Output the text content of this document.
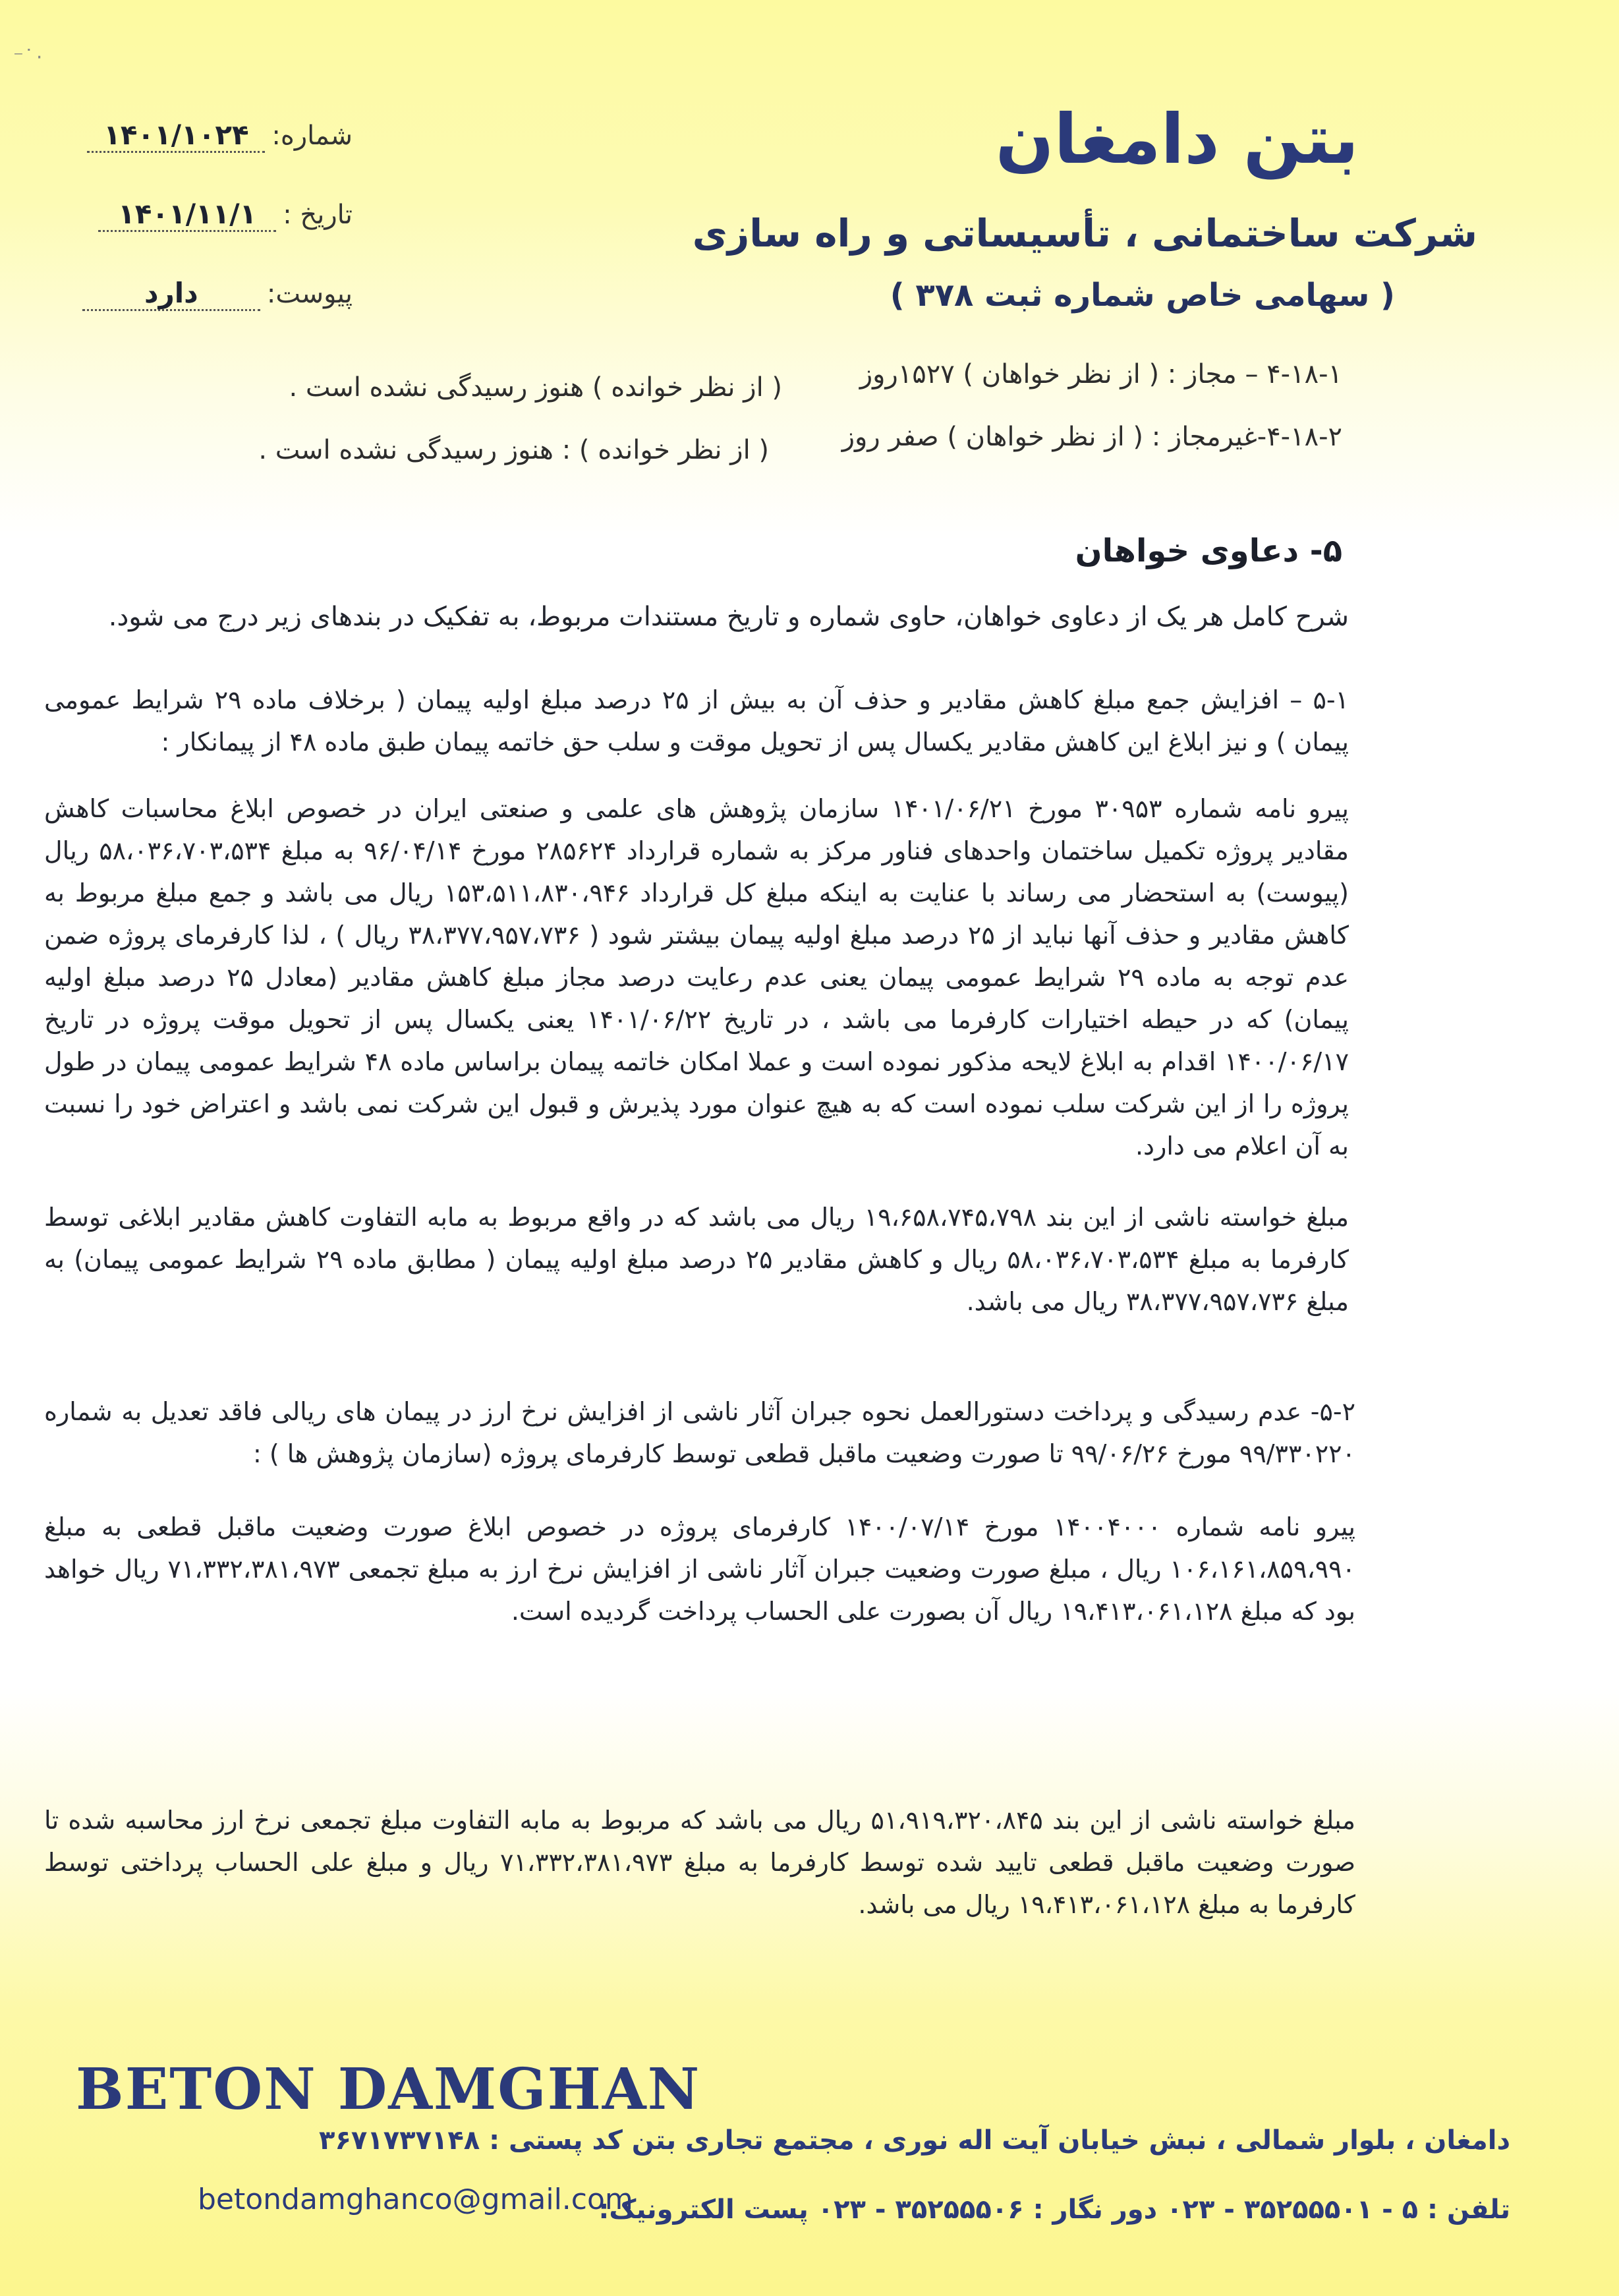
⁻ ͘ ·
بتن دامغان
شرکت ساختمانی ، تأسیساتی و راه سازی
( سهامی خاص شماره ثبت ۳۷۸ )
شماره:
۱۴۰۱/۱۰۲۴
تاریخ :
۱۴۰۱/۱۱/۱
پیوست:
دارد
۴-۱۸-۱ – مجاز : ( از نظر خواهان ) ۱۵۲۷روز
۴-۱۸-۲-غیرمجاز : ( از نظر خواهان ) صفر روز
( از نظر خوانده ) هنوز رسیدگی نشده است .
( از نظر خوانده ) : هنوز رسیدگی نشده است .
۵- دعاوی خواهان
شرح کامل هر یک از دعاوی خواهان، حاوی شماره و تاریخ مستندات مربوط، به تفکیک در بندهای زیر درج می شود.
۵-۱ – افزایش جمع مبلغ کاهش مقادیر و حذف آن به بیش از ۲۵ درصد مبلغ اولیه پیمان ( برخلاف ماده ۲۹ شرایط عمومی پیمان ) و نیز ابلاغ این کاهش مقادیر یکسال پس از تحویل موقت و سلب حق خاتمه پیمان طبق ماده ۴۸ از پیمانکار :
پیرو نامه شماره ۳۰۹۵۳ مورخ ۱۴۰۱/۰۶/۲۱ سازمان پژوهش های علمی و صنعتی ایران در خصوص ابلاغ محاسبات کاهش مقادیر پروژه تکمیل ساختمان واحدهای فناور مرکز به شماره قرارداد ۲۸۵۶۲۴ مورخ ۹۶/۰۴/۱۴ به مبلغ ۵۸،۰۳۶،۷۰۳،۵۳۴ ریال (پیوست) به استحضار می رساند با عنایت به اینکه مبلغ کل قرارداد ۱۵۳،۵۱۱،۸۳۰،۹۴۶ ریال می باشد و جمع مبلغ مربوط به کاهش مقادیر و حذف آنها نباید از ۲۵ درصد مبلغ اولیه پیمان بیشتر شود ( ۳۸،۳۷۷،۹۵۷،۷۳۶ ریال ) ، لذا کارفرمای پروژه ضمن عدم توجه به ماده ۲۹ شرایط عمومی پیمان یعنی عدم رعایت درصد مجاز مبلغ کاهش مقادیر (معادل ۲۵ درصد مبلغ اولیه پیمان) که در حیطه اختیارات کارفرما می باشد ، در تاریخ ۱۴۰۱/۰۶/۲۲ یعنی یکسال پس از تحویل موقت پروژه در تاریخ ۱۴۰۰/۰۶/۱۷ اقدام به ابلاغ لایحه مذکور نموده است و عملا امکان خاتمه پیمان براساس ماده ۴۸ شرایط عمومی پیمان در طول پروژه را از این شرکت سلب نموده است که به هیچ عنوان مورد پذیرش و قبول این شرکت نمی باشد و اعتراض خود را نسبت به آن اعلام می دارد.
مبلغ خواسته ناشی از این بند ۱۹،۶۵۸،۷۴۵،۷۹۸ ریال می باشد که در واقع مربوط به مابه التفاوت کاهش مقادیر ابلاغی توسط کارفرما به مبلغ ۵۸،۰۳۶،۷۰۳،۵۳۴ ریال و کاهش مقادیر ۲۵ درصد مبلغ اولیه پیمان ( مطابق ماده ۲۹ شرایط عمومی پیمان) به مبلغ ۳۸،۳۷۷،۹۵۷،۷۳۶ ریال می باشد.
۵-۲- عدم رسیدگی و پرداخت دستورالعمل نحوه جبران آثار ناشی از افزایش نرخ ارز در پیمان های ریالی فاقد تعدیل به شماره ۹۹/۳۳۰۲۲۰ مورخ ۹۹/۰۶/۲۶ تا صورت وضعیت ماقبل قطعی توسط کارفرمای پروژه (سازمان پژوهش ها ) :
پیرو نامه شماره ۱۴۰۰۴۰۰۰ مورخ ۱۴۰۰/۰۷/۱۴ کارفرمای پروژه در خصوص ابلاغ صورت وضعیت ماقبل قطعی به مبلغ ۱۰۶،۱۶۱،۸۵۹،۹۹۰ ریال ، مبلغ صورت وضعیت جبران آثار ناشی از افزایش نرخ ارز به مبلغ تجمعی ۷۱،۳۳۲،۳۸۱،۹۷۳ ریال خواهد بود که مبلغ ۱۹،۴۱۳،۰۶۱،۱۲۸ ریال آن بصورت علی الحساب پرداخت گردیده است.
مبلغ خواسته ناشی از این بند ۵۱،۹۱۹،۳۲۰،۸۴۵ ریال می باشد که مربوط به مابه التفاوت مبلغ تجمعی نرخ ارز محاسبه شده تا صورت وضعیت ماقبل قطعی تایید شده توسط کارفرما به مبلغ ۷۱،۳۳۲،۳۸۱،۹۷۳ ریال و مبلغ علی الحساب پرداختی توسط کارفرما به مبلغ ۱۹،۴۱۳،۰۶۱،۱۲۸ ریال می باشد.
BETON DAMGHAN
دامغان ، بلوار شمالی ، نبش خیابان آیت اله نوری ، مجتمع تجاری بتن کد پستی : ۳۶۷۱۷۳۷۱۴۸
تلفن : ۵ - ۳۵۲۵۵۵۰۱ - ۰۲۳ دور نگار : ۳۵۲۵۵۵۰۶ - ۰۲۳ پست الکترونیک:
betondamghanco@gmail.com
